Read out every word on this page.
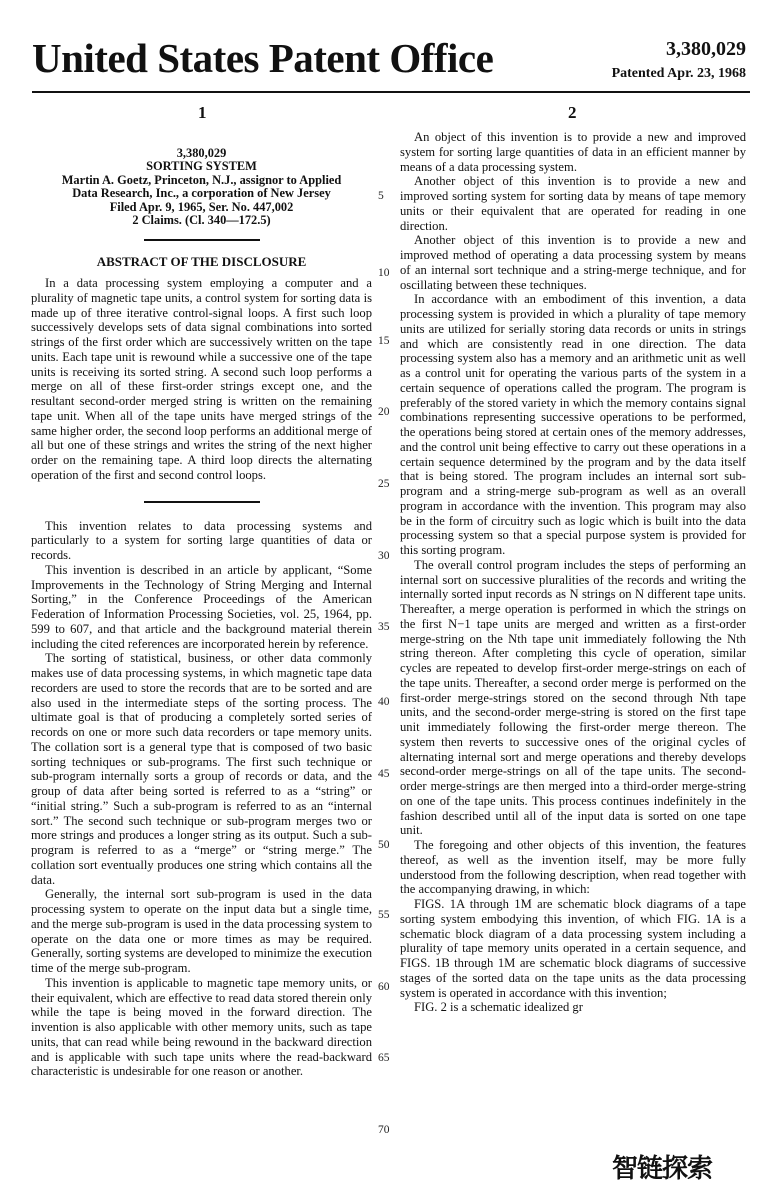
United States Patent Office	3,380,029
Patented Apr. 23, 1968
1	2
3,380,029
SORTING SYSTEM
Martin A. Goetz, Princeton, N.J., assignor to Applied
Data Research, Inc., a corporation of New Jersey
Filed Apr. 9, 1965, Ser. No. 447,002
2 Claims. (Cl. 340—172.5)
ABSTRACT OF THE DISCLOSURE

In a data processing system employing a computer and a plurality of magnetic tape units, a control system for sorting data is made up of three iterative control-signal loops. A first such loop successively develops sets of data signal combinations into sorted strings of the first order which are successively written on the tape units. Each tape unit is rewound while a successive one of the tape units is receiving its sorted string. A second such loop performs a merge on all of these first-order strings except one, and the resultant second-order merged string is written on the remaining tape unit. When all of the tape units have merged strings of the same higher order, the second loop performs an additional merge of all but one of these strings and writes the string of the next higher order on the remaining tape. A third loop directs the alternating operation of the first and second control loops.

This invention relates to data processing systems and particularly to a system for sorting large quantities of data or records.

This invention is described in an article by applicant, “Some Improvements in the Technology of String Merging and Internal Sorting,” in the Conference Proceedings of the American Federation of Information Processing Societies, vol. 25, 1964, pp. 599 to 607, and that article and the background material therein including the cited references are incorporated herein by reference.

The sorting of statistical, business, or other data commonly makes use of data processing systems, in which magnetic tape data recorders are used to store the records that are to be sorted and are also used in the intermediate steps of the sorting process. The ultimate goal is that of producing a completely sorted series of records on one or more such data recorders or tape memory units. The collation sort is a general type that is composed of two basic sorting techniques or sub-programs. The first such technique or sub-program internally sorts a group of records or data, and the group of data after being sorted is referred to as a “string” or “initial string.” Such a sub-program is referred to as an “internal sort.” The second such technique or sub-program merges two or more strings and produces a longer string as its output. Such a sub-program is referred to as a “merge” or “string merge.” The collation sort eventually produces one string which contains all the data.

Generally, the internal sort sub-program is used in the data processing system to operate on the input data but a single time, and the merge sub-program is used in the data processing system to operate on the data one or more times as may be required. Generally, sorting systems are developed to minimize the execution time of the merge sub-program.

This invention is applicable to magnetic tape memory units, or their equivalent, which are effective to read data stored therein only while the tape is being moved in the forward direction. The invention is also applicable with other memory units, such as tape units, that can read while being rewound in the backward direction and is applicable with such tape units where the read-backward characteristic is undesirable for one reason or another.

5
10
15
20
25
30
35
40
45
50
55
60
65
70

An object of this invention is to provide a new and improved system for sorting large quantities of data in an efficient manner by means of a data processing system.

Another object of this invention is to provide a new and improved sorting system for sorting data by means of tape memory units or their equivalent that are operated for reading in one direction.

Another object of this invention is to provide a new and improved method of operating a data processing system by means of an internal sort technique and a string-merge technique, and for oscillating between these techniques.

In accordance with an embodiment of this invention, a data processing system is provided in which a plurality of tape memory units are utilized for serially storing data records or units in strings and which are consistently read in one direction. The data processing system also has a memory and an arithmetic unit as well as a control unit for operating the various parts of the system in a certain sequence of operations called the program. The program is preferably of the stored variety in which the memory contains signal combinations representing successive operations to be performed, the operations being stored at certain ones of the memory addresses, and the control unit being effective to carry out these operations in a certain sequence determined by the program and by the data itself that is being stored. The program includes an internal sort sub-program and a string-merge sub-program as well as an overall program in accordance with the invention. This program may also be in the form of circuitry such as logic which is built into the data processing system so that a special purpose system is provided for this sorting program.

The overall control program includes the steps of performing an internal sort on successive pluralities of the records and writing the internally sorted input records as N strings on N different tape units. Thereafter, a merge operation is performed in which the strings on the first N−1 tape units are merged and written as a first-order merge-string on the Nth tape unit immediately following the Nth string thereon. After completing this cycle of operation, similar cycles are repeated to develop first-order merge-strings on each of the tape units. Thereafter, a second order merge is performed on the first-order merge-strings stored on the second through Nth tape units, and the second-order merge-string is stored on the first tape unit immediately following the first-order merge thereon. The system then reverts to successive ones of the original cycles of alternating internal sort and merge operations and thereby develops second-order merge-strings on all of the tape units. The second-order merge-strings are then merged into a third-order merge-string on one of the tape units. This process continues indefinitely in the fashion described until all of the input data is sorted on one tape unit.

The foregoing and other objects of this invention, the features thereof, as well as the invention itself, may be more fully understood from the following description, when read together with the accompanying drawing, in which:

FIGS. 1A through 1M are schematic block diagrams of a tape sorting system embodying this invention, of which FIG. 1A is a schematic block diagram of a data processing system including a plurality of tape memory units operated in a certain sequence, and FIGS. 1B through 1M are schematic block diagrams of successive stages of the sorted data on the tape units as the data processing system is operated in accordance with this invention;

FIG. 2 is a schematic idealized gr

智链探索
